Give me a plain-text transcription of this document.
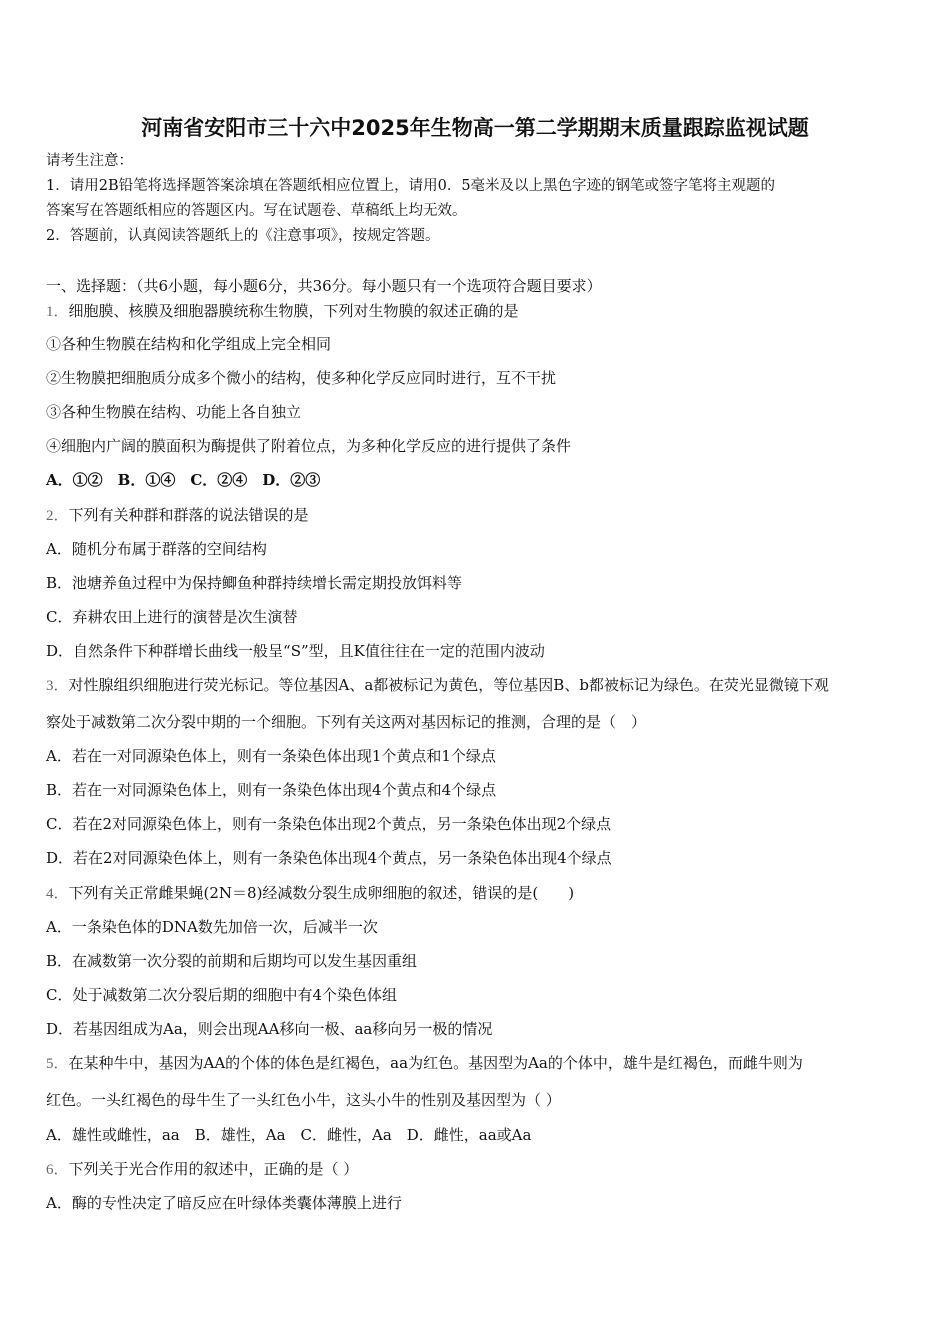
河南省安阳市三十六中2025年生物高一第二学期期末质量跟踪监视试题
请考生注意：
1．请用2B铅笔将选择题答案涂填在答题纸相应位置上，请用0．5毫米及以上黑色字迹的钢笔或签字笔将主观题的
答案写在答题纸相应的答题区内。写在试题卷、草稿纸上均无效。
2．答题前，认真阅读答题纸上的《注意事项》，按规定答题。
一、选择题：（共6小题，每小题6分，共36分。每小题只有一个选项符合题目要求）
1．细胞膜、核膜及细胞器膜统称生物膜，下列对生物膜的叙述正确的是
①各种生物膜在结构和化学组成上完全相同
②生物膜把细胞质分成多个微小的结构，使多种化学反应同时进行，互不干扰
③各种生物膜在结构、功能上各自独立
④细胞内广阔的膜面积为酶提供了附着位点，为多种化学反应的进行提供了条件
A．①②　B．①④　C．②④　D．②③
2．下列有关种群和群落的说法错误的是
A．随机分布属于群落的空间结构
B．池塘养鱼过程中为保持鲫鱼种群持续增长需定期投放饵料等
C．弃耕农田上进行的演替是次生演替
D．自然条件下种群增长曲线一般呈“S”型，且K值往往在一定的范围内波动
3．对性腺组织细胞进行荧光标记。等位基因A、a都被标记为黄色，等位基因B、b都被标记为绿色。在荧光显微镜下观
察处于减数第二次分裂中期的一个细胞。下列有关这两对基因标记的推测，合理的是（　）
A．若在一对同源染色体上，则有一条染色体出现1个黄点和1个绿点
B．若在一对同源染色体上，则有一条染色体出现4个黄点和4个绿点
C．若在2对同源染色体上，则有一条染色体出现2个黄点，另一条染色体出现2个绿点
D．若在2对同源染色体上，则有一条染色体出现4个黄点，另一条染色体出现4个绿点
4．下列有关正常雌果蝇(2N＝8)经减数分裂生成卵细胞的叙述，错误的是(　　)
A．一条染色体的DNA数先加倍一次，后减半一次
B．在减数第一次分裂的前期和后期均可以发生基因重组
C．处于减数第二次分裂后期的细胞中有4个染色体组
D．若基因组成为Aa，则会出现AA移向一极、aa移向另一极的情况
5．在某种牛中，基因为AA的个体的体色是红褐色，aa为红色。基因型为Aa的个体中，雄牛是红褐色，而雌牛则为
红色。一头红褐色的母牛生了一头红色小牛，这头小牛的性别及基因型为（ ）
A．雄性或雌性，aa　B．雄性，Aa　C．雌性，Aa　D．雌性，aa或Aa
6．下列关于光合作用的叙述中，正确的是（ ）
A．酶的专性决定了暗反应在叶绿体类囊体薄膜上进行
